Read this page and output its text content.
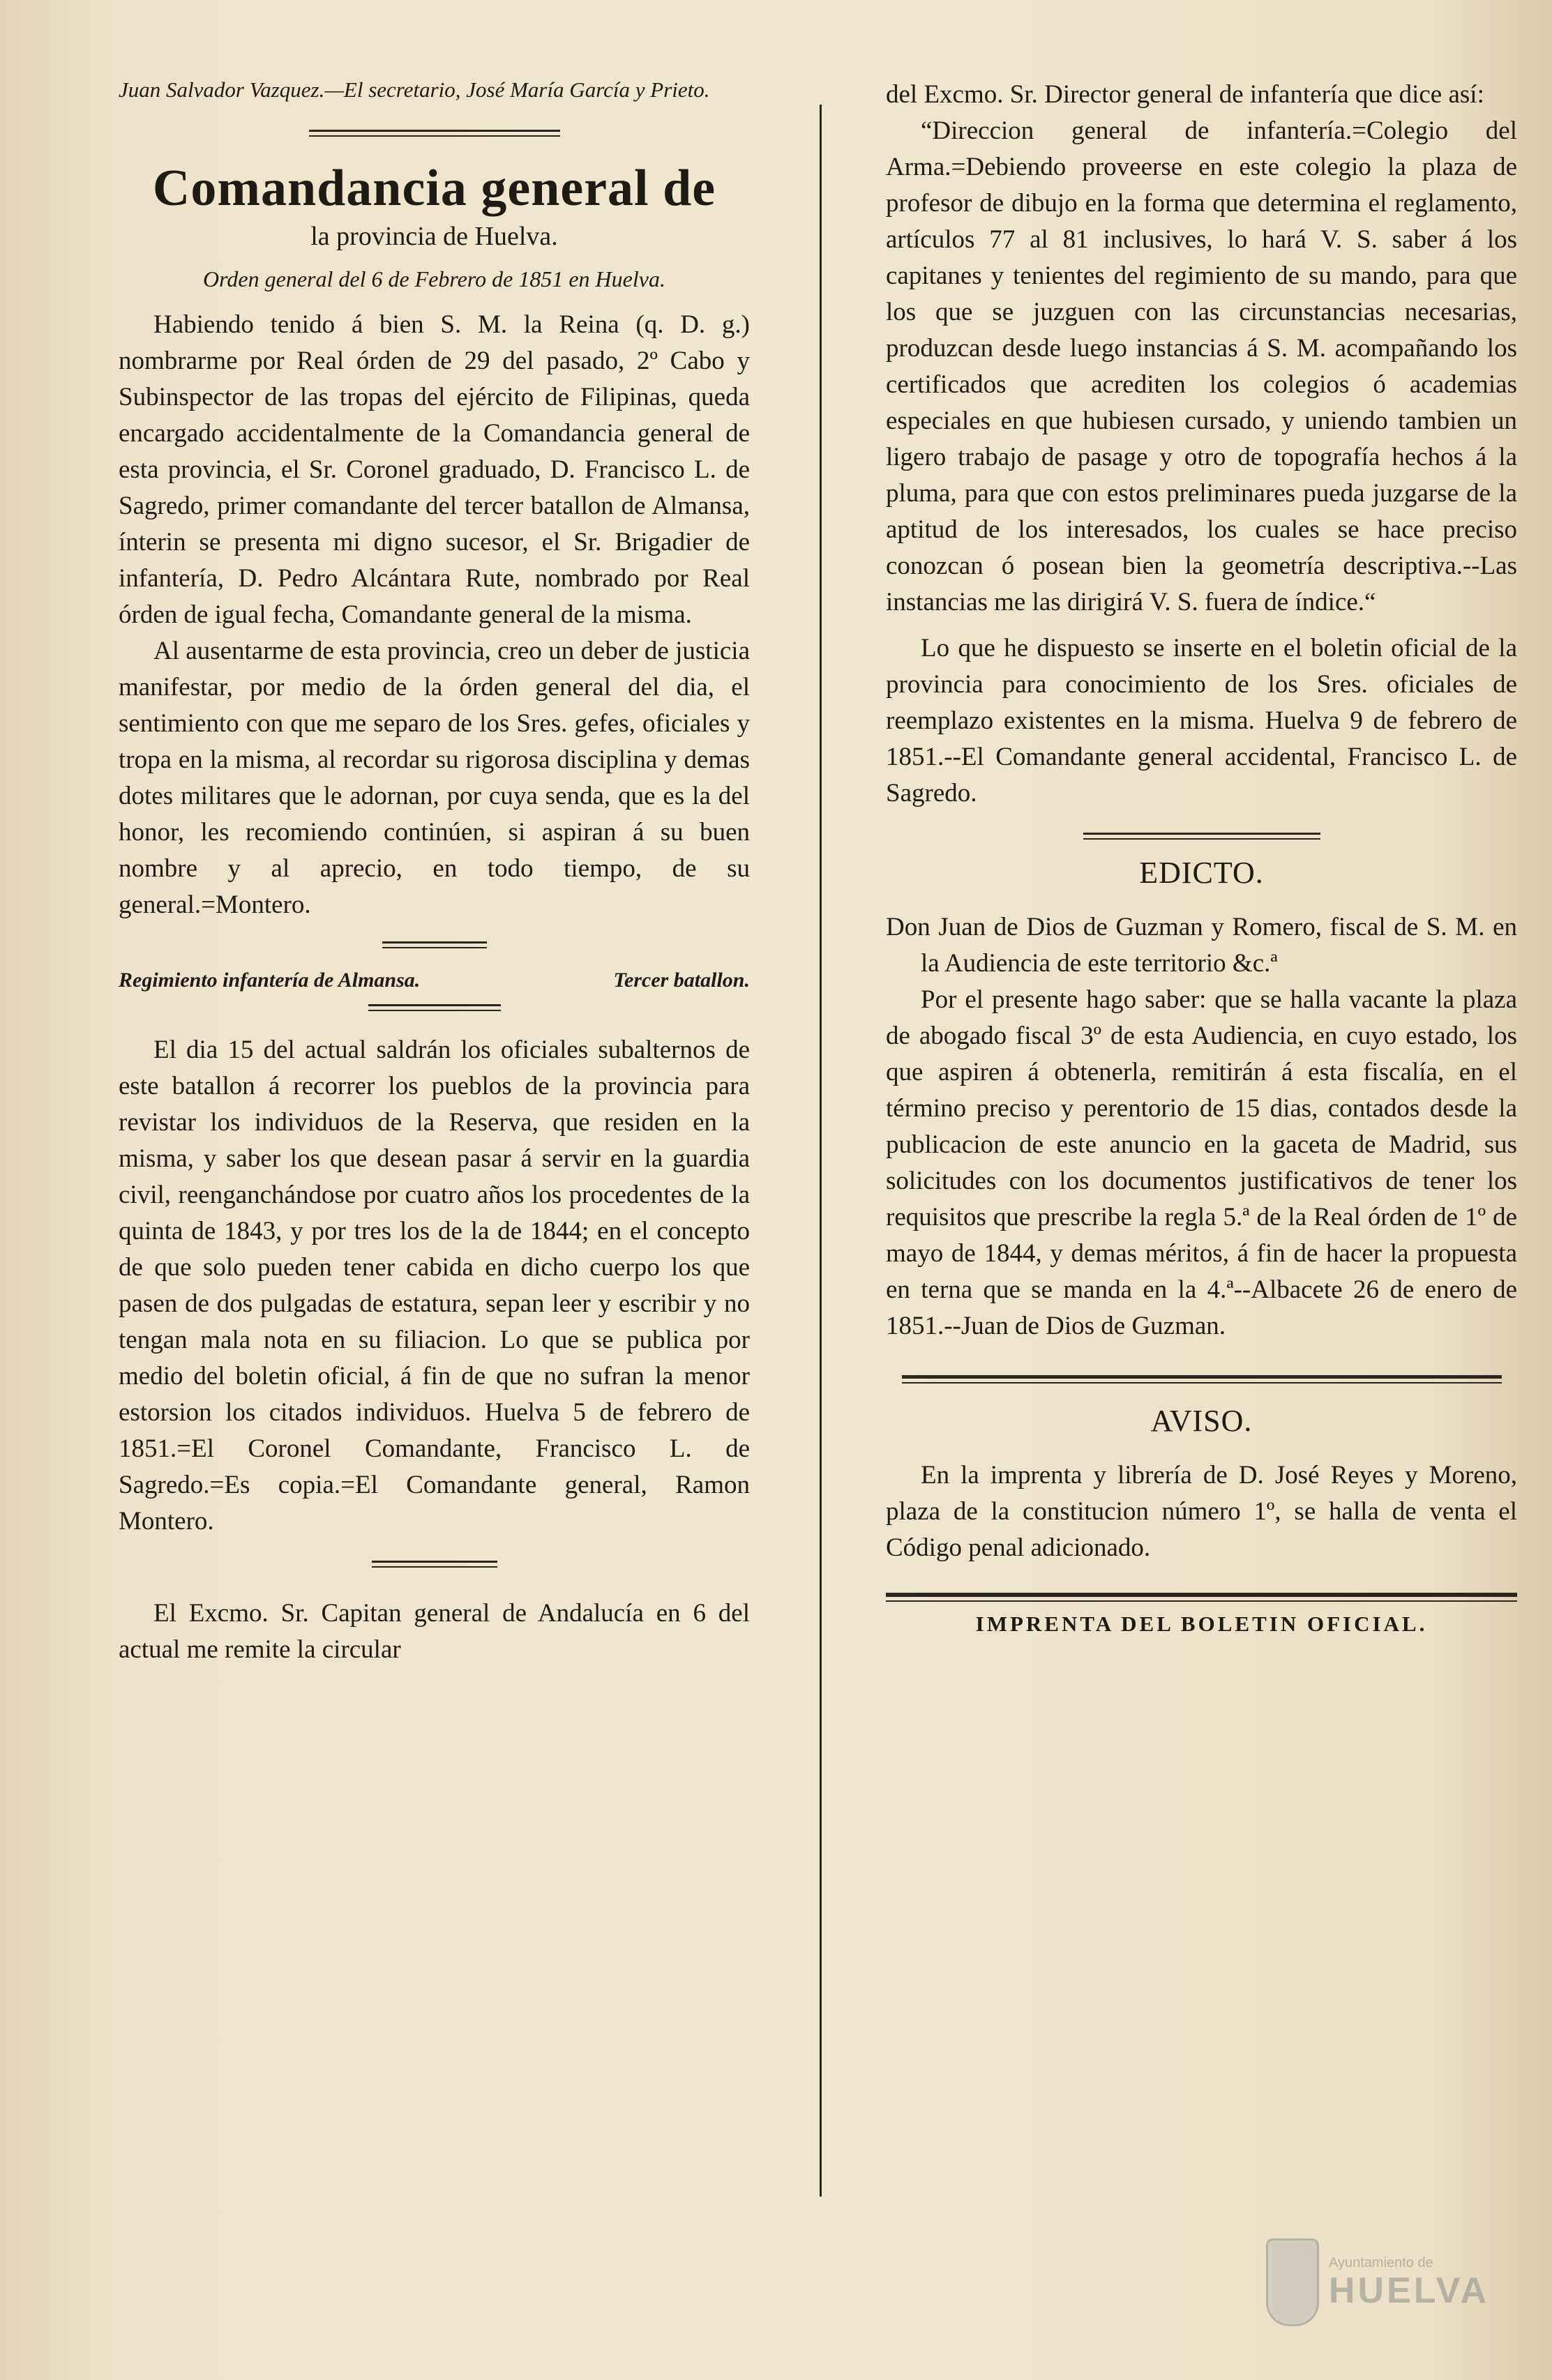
Juan Salvador Vazquez.—El secretario, José María García y Prieto.

Comandancia general de
la provincia de Huelva.
Orden general del 6 de Febrero de 1851 en Huelva.

Habiendo tenido á bien S. M. la Reina (q. D. g.) nombrarme por Real órden de 29 del pasado, 2º Cabo y Subinspector de las tropas del ejército de Filipinas, queda encargado accidentalmente de la Comandancia general de esta provincia, el Sr. Coronel graduado, D. Francisco L. de Sagredo, primer comandante del tercer batallon de Almansa, ínterin se presenta mi digno sucesor, el Sr. Brigadier de infantería, D. Pedro Alcántara Rute, nombrado por Real órden de igual fecha, Comandante general de la misma.

Al ausentarme de esta provincia, creo un deber de justicia manifestar, por medio de la órden general del dia, el sentimiento con que me separo de los Sres. gefes, oficiales y tropa en la misma, al recordar su rigorosa disciplina y demas dotes militares que le adornan, por cuya senda, que es la del honor, les recomiendo continúen, si aspiran á su buen nombre y al aprecio, en todo tiempo, de su general.=Montero.

Regimiento infantería de Almansa.	Tercer batallon.

El dia 15 del actual saldrán los oficiales subalternos de este batallon á recorrer los pueblos de la provincia para revistar los individuos de la Reserva, que residen en la misma, y saber los que desean pasar á servir en la guardia civil, reenganchándose por cuatro años los procedentes de la quinta de 1843, y por tres los de la de 1844; en el concepto de que solo pueden tener cabida en dicho cuerpo los que pasen de dos pulgadas de estatura, sepan leer y escribir y no tengan mala nota en su filiacion. Lo que se publica por medio del boletin oficial, á fin de que no sufran la menor estorsion los citados individuos. Huelva 5 de febrero de 1851.=El Coronel Comandante, Francisco L. de Sagredo.=Es copia.=El Comandante general, Ramon Montero.

El Excmo. Sr. Capitan general de Andalucía en 6 del actual me remite la circular

del Excmo. Sr. Director general de infantería que dice así:

“Direccion general de infantería.=Colegio del Arma.=Debiendo proveerse en este colegio la plaza de profesor de dibujo en la forma que determina el reglamento, artículos 77 al 81 inclusives, lo hará V. S. saber á los capitanes y tenientes del regimiento de su mando, para que los que se juzguen con las circunstancias necesarias, produzcan desde luego instancias á S. M. acompañando los certificados que acrediten los colegios ó academias especiales en que hubiesen cursado, y uniendo tambien un ligero trabajo de pasage y otro de topografía hechos á la pluma, para que con estos preliminares pueda juzgarse de la aptitud de los interesados, los cuales se hace preciso conozcan ó posean bien la geometría descriptiva.--Las instancias me las dirigirá V. S. fuera de índice.“

Lo que he dispuesto se inserte en el boletin oficial de la provincia para conocimiento de los Sres. oficiales de reemplazo existentes en la misma. Huelva 9 de febrero de 1851.--El Comandante general accidental, Francisco L. de Sagredo.

EDICTO.

Don Juan de Dios de Guzman y Romero, fiscal de S. M. en la Audiencia de este territorio &c.ª

Por el presente hago saber: que se halla vacante la plaza de abogado fiscal 3º de esta Audiencia, en cuyo estado, los que aspiren á obtenerla, remitirán á esta fiscalía, en el término preciso y perentorio de 15 dias, contados desde la publicacion de este anuncio en la gaceta de Madrid, sus solicitudes con los documentos justificativos de tener los requisitos que prescribe la regla 5.ª de la Real órden de 1º de mayo de 1844, y demas méritos, á fin de hacer la propuesta en terna que se manda en la 4.ª--Albacete 26 de enero de 1851.--Juan de Dios de Guzman.

AVISO.

En la imprenta y librería de D. José Reyes y Moreno, plaza de la constitucion número 1º, se halla de venta el Código penal adicionado.

IMPRENTA DEL BOLETIN OFICIAL.
Ayuntamiento de
HUELVA
